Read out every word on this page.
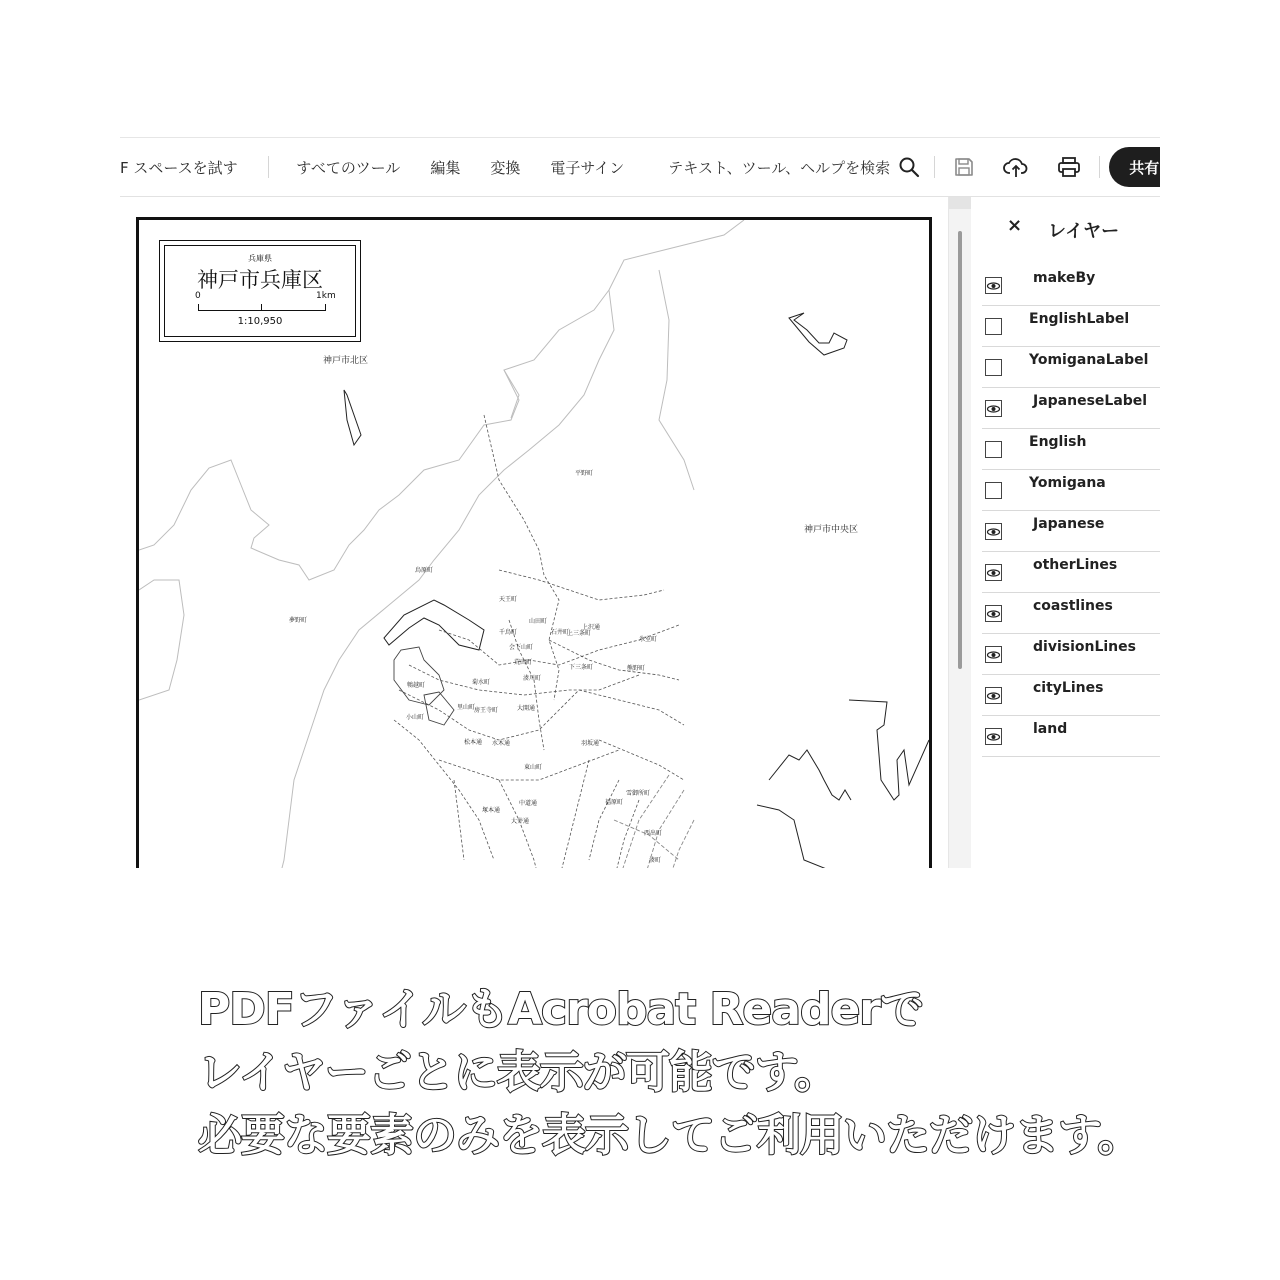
F スペースを試す	すべてのツール 編集 変換 電子サイン	テキスト、ツール、ヘルプを検索	共有
兵庫県
神戸市兵庫区
0	1km
1:10,950
神戸市北区
神戸市中央区
平野町
烏原町
夢野町
天王町
千鳥町
会下山町
山田町
上三条町
石井町
荒田町
菊水町
上沢通
湊川町
大開通
水木通
松本通
東山町
羽坂通
中道通
房王寺町
鵯越町
小山町
里山町
塚本通
大井通
下三条町	熊野町
氷室町
雪御所町
湊町
福原町
西出町
× レイヤー
makeBy
EnglishLabel
YomiganaLabel
JapaneseLabel
English
Yomigana
Japanese
otherLines
coastlines
divisionLines
cityLines
land
PDFファイルもAcrobat Readerで
レイヤーごとに表示が可能です。
必要な要素のみを表示してご利用いただけます。
